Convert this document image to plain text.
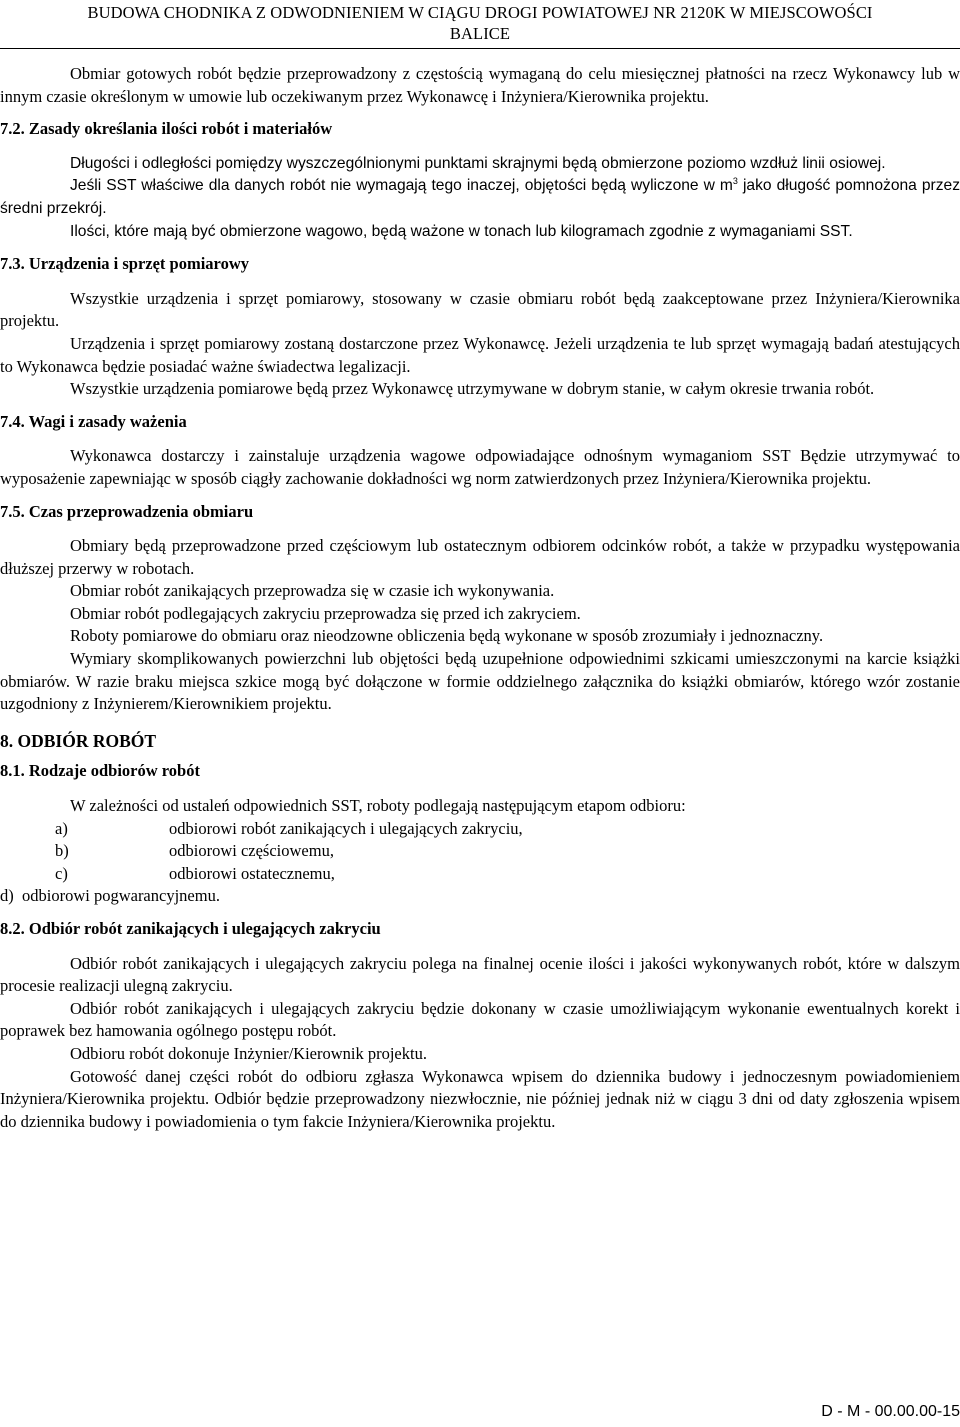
BUDOWA CHODNIKA Z ODWODNIENIEM W CIĄGU DROGI POWIATOWEJ NR 2120K W MIEJSCOWOŚCI
BALICE

Obmiar gotowych robót będzie przeprowadzony z częstością wymaganą do celu miesięcznej płatności na rzecz Wykonawcy lub w innym czasie określonym w umowie lub oczekiwanym przez Wykonawcę i Inżyniera/Kierownika projektu.

7.2. Zasady określania ilości robót i materiałów

Długości i odległości pomiędzy wyszczególnionymi punktami skrajnymi będą obmierzone poziomo wzdłuż linii osiowej.

Jeśli SST właściwe dla danych robót nie wymagają tego inaczej, objętości będą wyliczone w $m^3$ jako długość pomnożona przez średni przekrój.

Ilości, które mają być obmierzone wagowo, będą ważone w tonach lub kilogramach zgodnie z wymaganiami SST.

7.3. Urządzenia i sprzęt pomiarowy

Wszystkie urządzenia i sprzęt pomiarowy, stosowany w czasie obmiaru robót będą zaakceptowane przez Inżyniera/Kierownika projektu.

Urządzenia i sprzęt pomiarowy zostaną dostarczone przez Wykonawcę. Jeżeli urządzenia te lub sprzęt wymagają badań atestujących to Wykonawca będzie posiadać ważne świadectwa legalizacji.

Wszystkie urządzenia pomiarowe będą przez Wykonawcę utrzymywane w dobrym stanie, w całym okresie trwania robót.

7.4. Wagi i zasady ważenia

Wykonawca dostarczy i zainstaluje urządzenia wagowe odpowiadające odnośnym wymaganiom SST Będzie utrzymywać to wyposażenie zapewniając w sposób ciągły zachowanie dokładności wg norm zatwierdzonych przez Inżyniera/Kierownika projektu.

7.5. Czas przeprowadzenia obmiaru

Obmiary będą przeprowadzone przed częściowym lub ostatecznym odbiorem odcinków robót, a także w przypadku występowania dłuższej przerwy w robotach.

Obmiar robót zanikających przeprowadza się w czasie ich wykonywania.

Obmiar robót podlegających zakryciu przeprowadza się przed ich zakryciem.

Roboty pomiarowe do obmiaru oraz nieodzowne obliczenia będą wykonane w sposób zrozumiały i jednoznaczny.

Wymiary skomplikowanych powierzchni lub objętości będą uzupełnione odpowiednimi szkicami umieszczonymi na karcie książki obmiarów. W razie braku miejsca szkice mogą być dołączone w formie oddzielnego załącznika do książki obmiarów, którego wzór zostanie uzgodniony z Inżynierem/Kierownikiem projektu.

8. ODBIÓR ROBÓT
8.1. Rodzaje odbiorów robót

W zależności od ustaleń odpowiednich SST, roboty podlegają następującym etapom odbioru:

a)	odbiorowi robót zanikających i ulegających zakryciu,
b)	odbiorowi częściowemu,
c)	odbiorowi ostatecznemu,

d)  odbiorowi pogwarancyjnemu.

8.2. Odbiór robót zanikających i ulegających zakryciu

Odbiór robót zanikających i ulegających zakryciu polega na finalnej ocenie ilości i jakości wykonywanych robót, które w dalszym procesie realizacji ulegną zakryciu.

Odbiór robót zanikających i ulegających zakryciu będzie dokonany w czasie umożliwiającym wykonanie ewentualnych korekt i poprawek bez hamowania ogólnego postępu robót.

Odbioru robót dokonuje Inżynier/Kierownik projektu.

Gotowość danej części robót do odbioru zgłasza Wykonawca wpisem do dziennika budowy i jednoczesnym powiadomieniem Inżyniera/Kierownika projektu. Odbiór będzie przeprowadzony niezwłocznie, nie później jednak niż w ciągu 3 dni od daty zgłoszenia wpisem do dziennika budowy i powiadomienia o tym fakcie Inżyniera/Kierownika projektu.

D - M - 00.00.00-15
